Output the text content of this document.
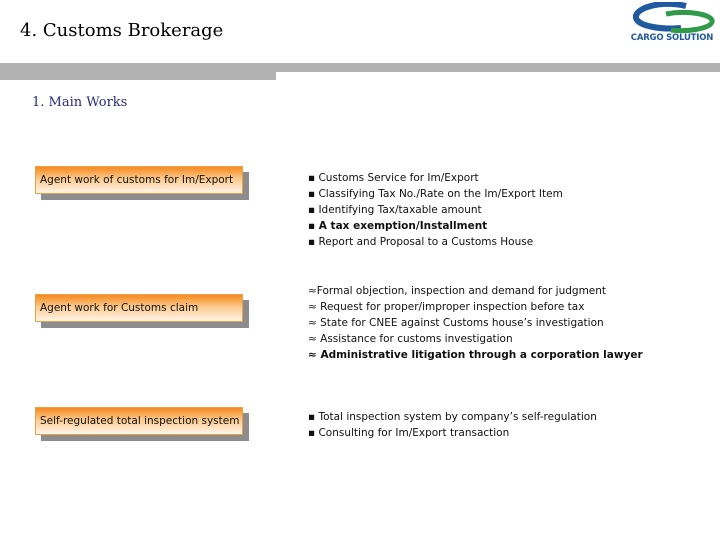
4. Customs Brokerage	CARGO SOLUTION
1. Main Works
Agent work of customs for Im/Export	▪ Customs Service for Im/Export
▪ Classifying Tax No./Rate on the Im/Export Item
▪ Identifying Tax/taxable amount
▪ A tax exemption/Installment
▪ Report and Proposal to a Customs House
Agent work for Customs claim
≈Formal objection, inspection and demand for judgment
≈ Request for proper/improper inspection before tax
≈ State for CNEE against Customs house’s investigation
≈ Assistance for customs investigation
≈ Administrative litigation through a corporation lawyer
Self-regulated total inspection system	▪ Total inspection system by company’s self-regulation
▪ Consulting for Im/Export transaction
